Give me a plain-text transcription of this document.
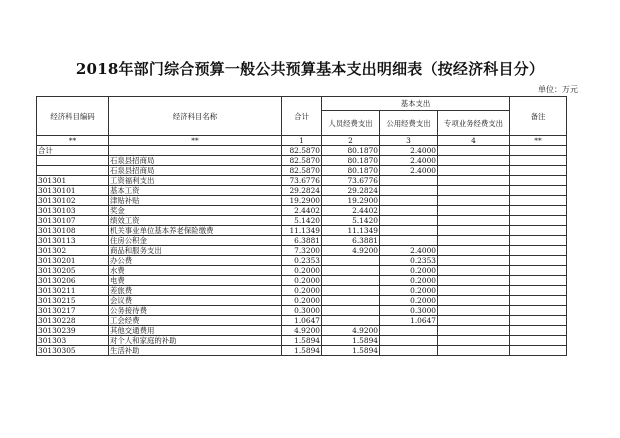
2018年部门综合预算一般公共预算基本支出明细表（按经济科目分）
单位：万元
经济科目编码	经济科目名称	合计	基本支出			备注
			人员经费支出	公用经费支出	专项业务经费支出	
**	**	1	2	3	4	**
合计		82.5870	80.1870	2.4000		
	石泉县招商局	82.5870	80.1870	2.4000		
	石泉县招商局	82.5870	80.1870	2.4000		
301301	工资福利支出	73.6776	73.6776			
30130101	基本工资	29.2824	29.2824			
30130102	津贴补贴	19.2900	19.2900			
30130103	奖金	2.4402	2.4402			
30130107	绩效工资	5.1420	5.1420			
30130108	机关事业单位基本养老保险缴费	11.1349	11.1349			
30130113	住房公积金	6.3881	6.3881			
301302	商品和服务支出	7.3200	4.9200	2.4000		
30130201	办公费	0.2353		0.2353		
30130205	水费	0.2000		0.2000		
30130206	电费	0.2000		0.2000		
30130211	差旅费	0.2000		0.2000		
30130215	会议费	0.2000		0.2000		
30130217	公务接待费	0.3000		0.3000		
30130228	工会经费	1.0647		1.0647		
30130239	其他交通费用	4.9200	4.9200			
301303	对个人和家庭的补助	1.5894	1.5894			
30130305	生活补助	1.5894	1.5894			
